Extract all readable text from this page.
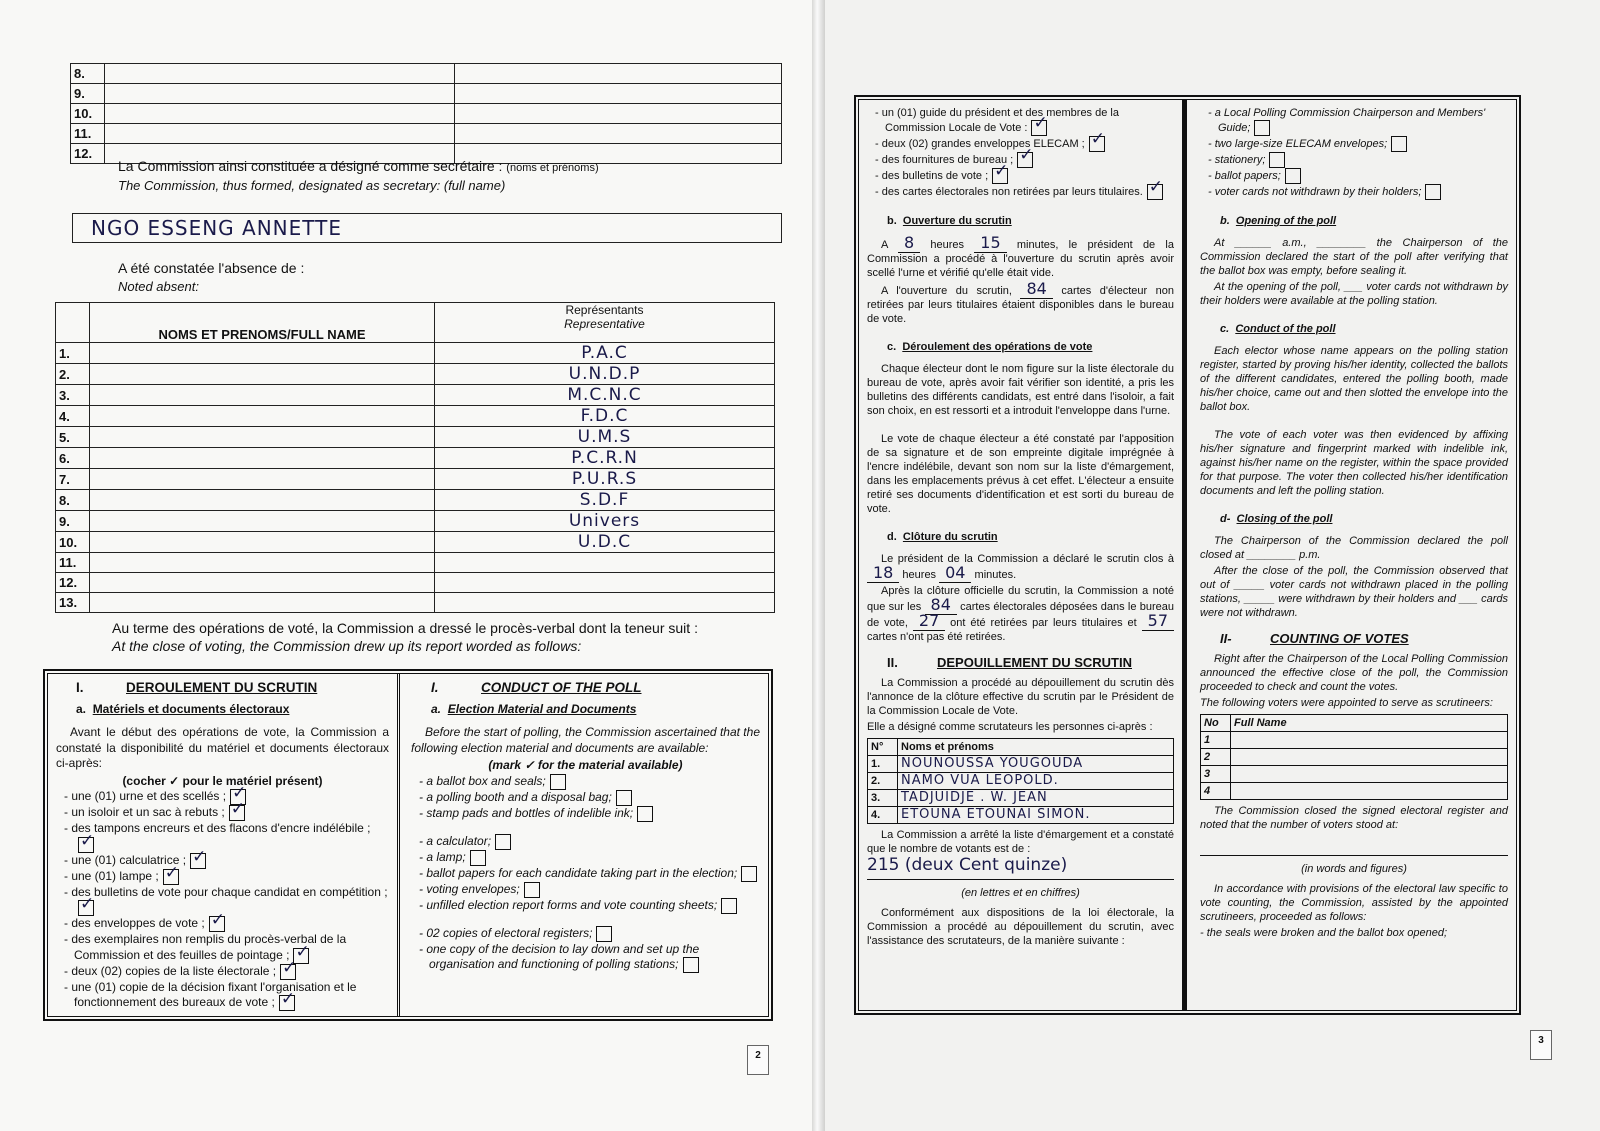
8.		
9.		
10.		
11.		
12.		
La Commission ainsi constituée a désigné comme secrétaire : (noms et prénoms)
The Commission, thus formed, designated as secretary: (full name)
NGO ESSENG ANNETTE
A été constatée l'absence de :
Noted absent:
	NOMS ET PRENOMS/FULL NAME	Représentants
Representative

1.		P.A.C
2.		U.N.D.P
3.		M.C.N.C
4.		F.D.C
5.		U.M.S
6.		P.C.R.N
7.		P.U.R.S
8.		S.D.F
9.		Univers
10.		U.D.C
11.		
12.		
13.		
Au terme des opérations de voté, la Commission a dressé le procès-verbal dont la teneur suit :
At the close of voting, the Commission drew up its report worded as follows:
I.	DEROULEMENT DU SCRUTIN
a. Matériels et documents électoraux
Avant le début des opérations de vote, la Commission a constaté la disponibilité du matériel et documents électoraux ci-après:
(cocher ✓ pour le matériel présent)
- une (01) urne et des scellés ;✓
- un isoloir et un sac à rebuts ;✓
- des tampons encreurs et des flacons d'encre indélébile ;✓
- une (01) calculatrice ;✓
- une (01) lampe ;✓
- des bulletins de vote pour chaque candidat en compétition ;✓
- des enveloppes de vote ;✓
- des exemplaires non remplis du procès-verbal de la Commission et des feuilles de pointage ;✓
- deux (02) copies de la liste électorale ;✓
- une (01) copie de la décision fixant l'organisation et le fonctionnement des bureaux de vote ;✓
I.	CONDUCT OF THE POLL
a. Election Material and Documents
Before the start of polling, the Commission ascertained that the following election material and documents are available:
(mark ✓ for the material available)
- a ballot box and seals;
- a polling booth and a disposal bag;
- stamp pads and bottles of indelible ink;
- a calculator;
- a lamp;
- ballot papers for each candidate taking part in the election;
- voting envelopes;
- unfilled election report forms and vote counting sheets;
- 02 copies of electoral registers;
- one copy of the decision to lay down and set up the organisation and functioning of polling stations;
2
- un (01) guide du président et des membres de la Commission Locale de Vote :✓
- deux (02) grandes enveloppes ELECAM ;✓
- des fournitures de bureau ;✓
- des bulletins de vote ;✓
- des cartes électorales non retirées par leurs titulaires.✓
b. Ouverture du scrutin
A 8 heures 15 minutes, le président de la Commission a procédé à l'ouverture du scrutin après avoir scellé l'urne et vérifié qu'elle était vide.
A l'ouverture du scrutin, 84 cartes d'électeur non retirées par leurs titulaires étaient disponibles dans le bureau de vote.
c. Déroulement des opérations de vote
Chaque électeur dont le nom figure sur la liste électorale du bureau de vote, après avoir fait vérifier son identité, a pris les bulletins des différents candidats, est entré dans l'isoloir, a fait son choix, en est ressorti et a introduit l'enveloppe dans l'urne.
Le vote de chaque électeur a été constaté par l'apposition de sa signature et de son empreinte digitale imprégnée à l'encre indélébile, devant son nom sur la liste d'émargement, dans les emplacements prévus à cet effet. L'électeur a ensuite retiré ses documents d'identification et est sorti du bureau de vote.
d. Clôture du scrutin
Le président de la Commission a déclaré le scrutin clos à 18 heures 04 minutes.
Après la clôture officielle du scrutin, la Commission a noté que sur les 84 cartes électorales déposées dans le bureau de vote, 27 ont été retirées par leurs titulaires et 57 cartes n'ont pas été retirées.
II.	DEPOUILLEMENT DU SCRUTIN
La Commission a procédé au dépouillement du scrutin dès l'annonce de la clôture effective du scrutin par le Président de la Commission Locale de Vote.
Elle a désigné comme scrutateurs les personnes ci-après :
N°	Noms et prénoms
1.	NOUNOUSSA YOUGOUDA
2.	NAMO VUA LEOPOLD.
3.	TADJUIDJE . W. JEAN
4.	ETOUNA ETOUNAI SIMON.
La Commission a arrêté la liste d'émargement et a constaté que le nombre de votants est de :
215 (deux Cent quinze)
(en lettres et en chiffres)
Conformément aux dispositions de la loi électorale, la Commission a procédé au dépouillement du scrutin, avec l'assistance des scrutateurs, de la manière suivante :
- a Local Polling Commission Chairperson and Members' Guide;
- two large-size ELECAM envelopes;
- stationery;
- ballot papers;
- voter cards not withdrawn by their holders;
b. Opening of the poll
At ______ a.m., ________ the Chairperson of the Commission declared the start of the poll after verifying that the ballot box was empty, before sealing it.
At the opening of the poll, ___ voter cards not withdrawn by their holders were available at the polling station.
c. Conduct of the poll
Each elector whose name appears on the polling station register, started by proving his/her identity, collected the ballots of the different candidates, entered the polling booth, made his/her choice, came out and then slotted the envelope into the ballot box.
The vote of each voter was then evidenced by affixing his/her signature and fingerprint marked with indelible ink, against his/her name on the register, within the space provided for that purpose. The voter then collected his/her identification documents and left the polling station.
d- Closing of the poll
The Chairperson of the Commission declared the poll closed at ________ p.m.
After the close of the poll, the Commission observed that out of _____ voter cards not withdrawn placed in the polling stations, _____ were withdrawn by their holders and ___ cards were not withdrawn.
II-	COUNTING OF VOTES
Right after the Chairperson of the Local Polling Commission announced the effective close of the poll, the Commission proceeded to check and count the votes.
The following voters were appointed to serve as scrutineers:
No	Full Name
1	
2	
3	
4	
The Commission closed the signed electoral register and noted that the number of voters stood at:
(in words and figures)
In accordance with provisions of the electoral law specific to vote counting, the Commission, assisted by the appointed scrutineers, proceeded as follows:
- the seals were broken and the ballot box opened;
3
